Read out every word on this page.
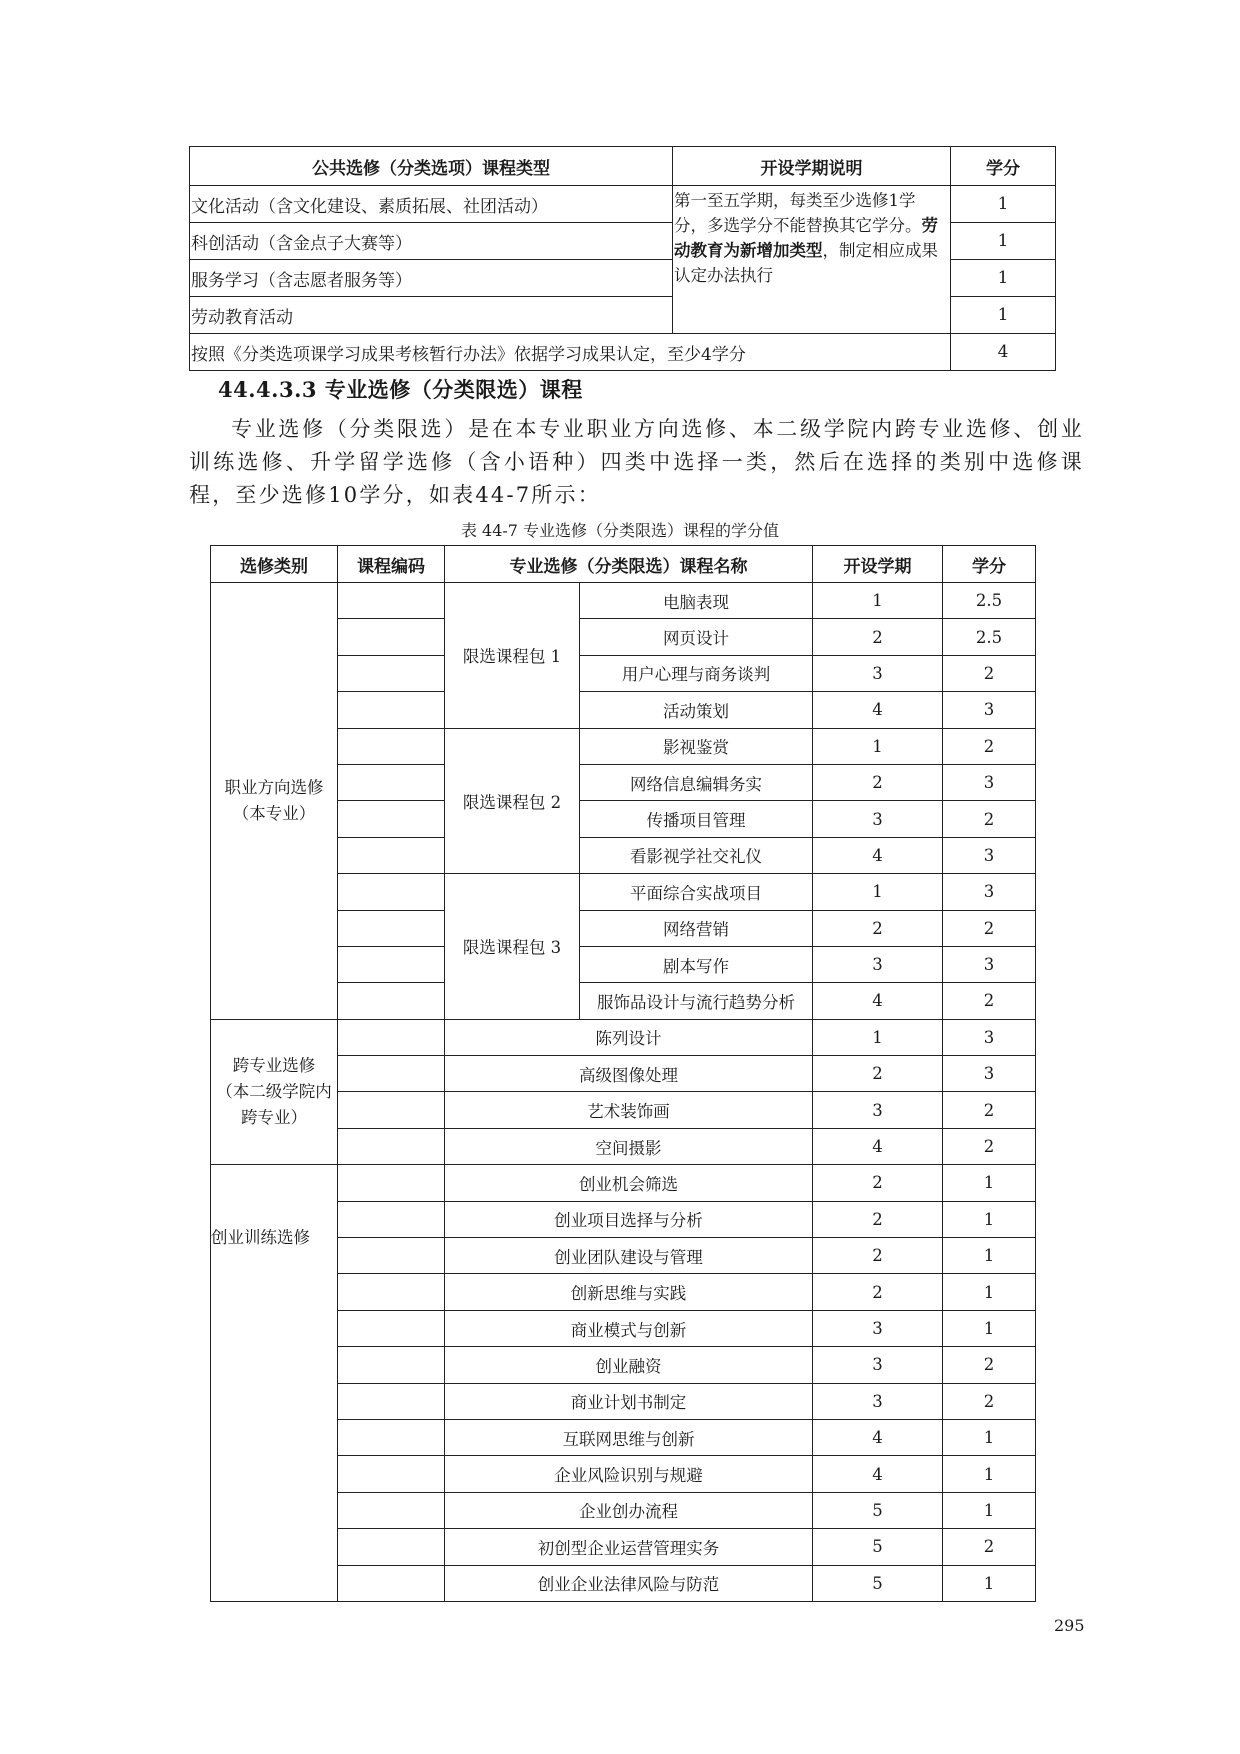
公共选修（分类选项）课程类型	开设学期说明	学分
文化活动（含文化建设、素质拓展、社团活动）	第一至五学期，每类至少选修1学分，多选学分不能替换其它学分。劳动教育为新增加类型，制定相应成果认定办法执行	1
科创活动（含金点子大赛等）		1
服务学习（含志愿者服务等）		1
劳动教育活动		1
按照《分类选项课学习成果考核暂行办法》依据学习成果认定，至少4学分		4
44.4.3.3 专业选修（分类限选）课程

专业选修（分类限选）是在本专业职业方向选修、本二级学院内跨专业选修、创业训练选修、升学留学选修（含小语种）四类中选择一类，然后在选择的类别中选修课程，至少选修10学分，如表44-7所示：

表 44-7 专业选修（分类限选）课程的学分值

选修类别	课程编码	专业选修（分类限选）课程名称		开设学期	学分
职业方向选修（本专业）		限选课程包 1	电脑表现	1	2.5
			网页设计	2	2.5
			用户心理与商务谈判	3	2
			活动策划	4	3
		限选课程包 2	影视鉴赏	1	2
			网络信息编辑务实	2	3
			传播项目管理	3	2
			看影视学社交礼仪	4	3
		限选课程包 3	平面综合实战项目	1	3
			网络营销	2	2
			剧本写作	3	3
			服饰品设计与流行趋势分析	4	2
跨专业选修
（本二级学院内跨专业）		陈列设计		1	3
		高级图像处理		2	3
		艺术装饰画		3	2
		空间摄影		4	2
创业训练选修		创业机会筛选		2	1
		创业项目选择与分析		2	1
		创业团队建设与管理		2	1
		创新思维与实践		2	1
		商业模式与创新		3	1
		创业融资		3	2
		商业计划书制定		3	2
		互联网思维与创新		4	1
		企业风险识别与规避		4	1
		企业创办流程		5	1
		初创型企业运营管理实务		5	2
		创业企业法律风险与防范		5	1
295
